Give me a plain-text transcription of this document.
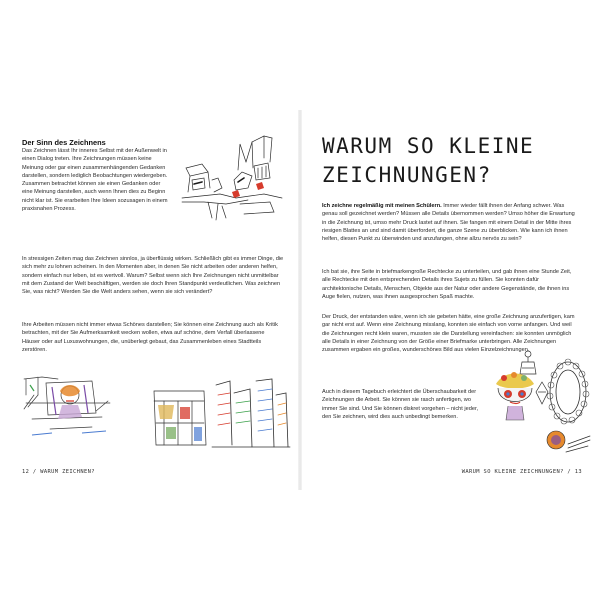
Der Sinn des Zeichnens
Das Zeichnen lässt Ihr inneres Selbst mit der Außenwelt in einen Dialog treten. Ihre Zeichnungen müssen keine Meinung oder gar einen zusammenhängenden Gedanken darstellen, sondern lediglich Beobachtungen wiedergeben. Zusammen betrachtet können sie einen Gedanken oder eine Meinung darstellen, auch wenn Ihnen dies zu Beginn nicht klar ist. Sie erarbeiten Ihre Ideen sozusagen in einem praxisnahen Prozess.
In stressigen Zeiten mag das Zeichnen sinnlos, ja überflüssig wirken. Schließlich gibt es immer Dinge, die sich mehr zu lohnen scheinen. In den Momenten aber, in denen Sie nicht arbeiten oder anderen helfen, sondern einfach nur leben, ist es wertvoll. Warum? Selbst wenn sich Ihre Zeichnungen nicht unmittelbar mit dem Zustand der Welt beschäftigen, werden sie doch Ihren Standpunkt verdeutlichen. Was zeichnen Sie, was nicht? Werden Sie die Welt anders sehen, wenn sie sich verändert?
Ihre Arbeiten müssen nicht immer etwas Schönes darstellen; Sie können eine Zeichnung auch als Kritik betrachten, mit der Sie Aufmerksamkeit wecken wollen, etwa auf schöne, dem Verfall überlassene Häuser oder auf Luxuswohnungen, die, unüberlegt gebaut, das Zusammenleben eines Stadtteils zerstören.
12 / WARUM ZEICHNEN?
WARUM SO KLEINE
ZEICHNUNGEN?
Ich zeichne regelmäßig mit meinen Schülern. Immer wieder fällt ihnen der Anfang schwer. Was genau soll gezeichnet werden? Müssen alle Details übernommen werden? Umso höher die Erwartung in die Zeichnung ist, umso mehr Druck lastet auf ihnen. Sie fangen mit einem Detail in der Mitte ihres riesigen Blattes an und sind damit überfordert, die ganze Szene zu überblicken. Wie kann ich ihnen helfen, diesen Punkt zu überwinden und anzufangen, ohne allzu nervös zu sein?
Ich bat sie, ihre Seite in briefmarkengroße Rechtecke zu unterteilen, und gab ihnen eine Stunde Zeit, alle Rechtecke mit den entsprechenden Details ihres Sujets zu füllen. Sie konnten dafür architektonische Details, Menschen, Objekte aus der Natur oder andere Gegenstände, die ihnen ins Auge fielen, nutzen, was ihnen ausgesprochen Spaß machte.
Der Druck, der entstanden wäre, wenn ich sie gebeten hätte, eine große Zeichnung anzufertigen, kam gar nicht erst auf. Wenn eine Zeichnung misslang, konnten sie einfach von vorne anfangen. Und weil die Zeichnungen recht klein waren, mussten sie die Darstellung vereinfachen: sie konnten unmöglich alle Details in einer Zeichnung von der Größe einer Briefmarke unterbringen. Alle Zeichnungen zusammen ergaben ein großes, wunderschönes Bild aus vielen Einzelzeichnungen.
Auch in diesem Tagebuch erleichtert die Überschaubarkeit der Zeichnungen die Arbeit. Sie können sie rasch anfertigen, wo immer Sie sind. Und Sie können diskret vorgehen – nicht jeder, den Sie zeichnen, wird dies auch unbedingt bemerken.
WARUM SO KLEINE ZEICHNUNGEN? / 13
